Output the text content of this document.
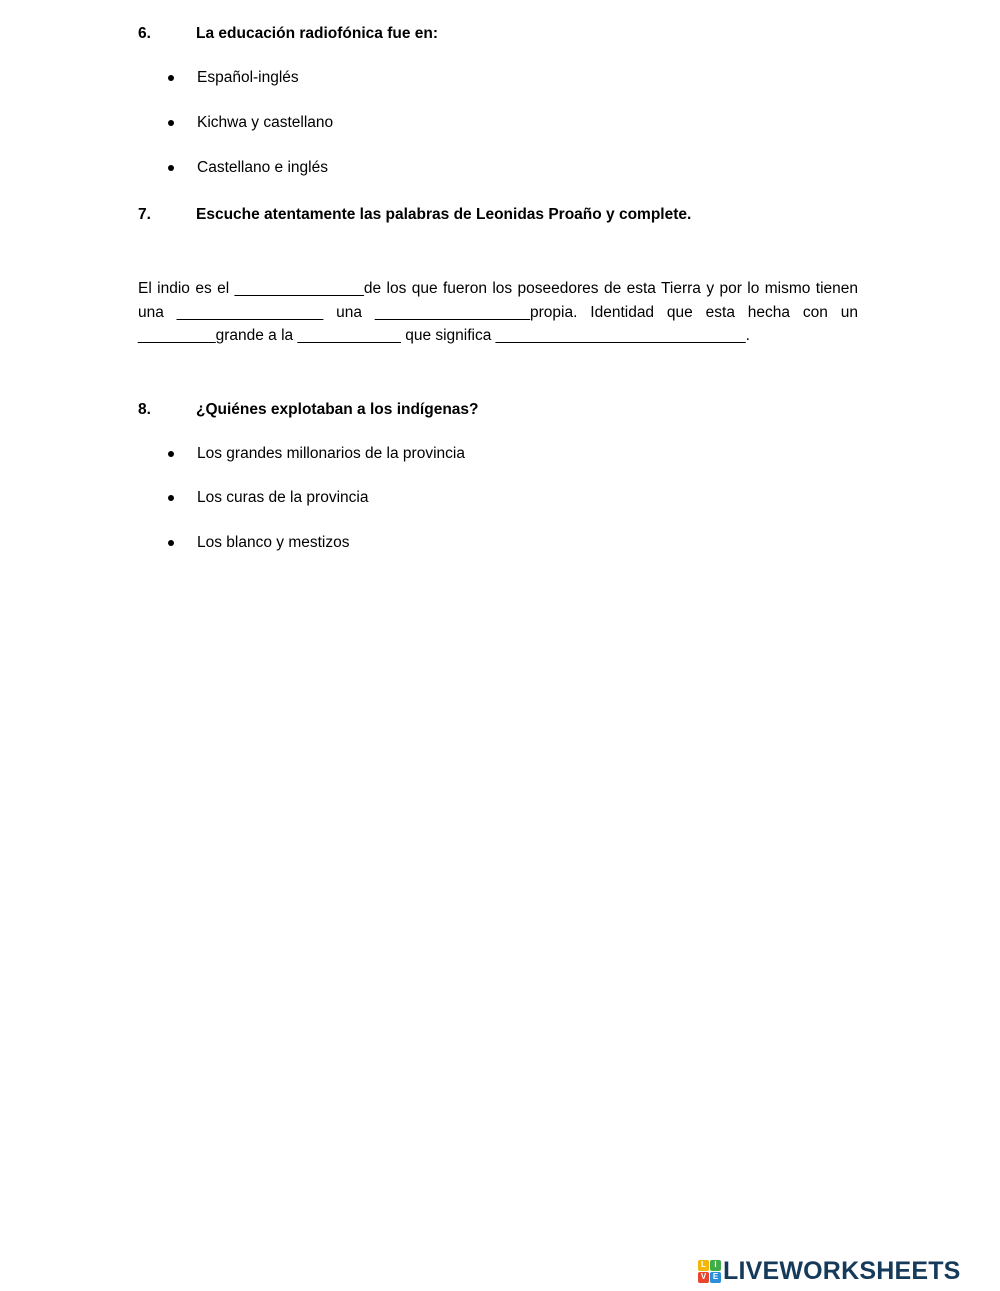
6.	La educación radiofónica fue en:
Español-inglés
Kichwa y castellano
Castellano e inglés
7.	Escuche atentamente las palabras de Leonidas Proaño y complete.
El indio es el _______________de los que fueron los poseedores de esta Tierra y por lo mismo tienen
una _________________ una __________________propia. Identidad que esta hecha con un
_________grande a la ____________ que significa _____________________________.
8.	¿Quiénes explotaban a los indígenas?
Los grandes millonarios de la provincia
Los curas de la provincia
Los blanco y mestizos
L	I
V E LIVEWORKSHEETS
